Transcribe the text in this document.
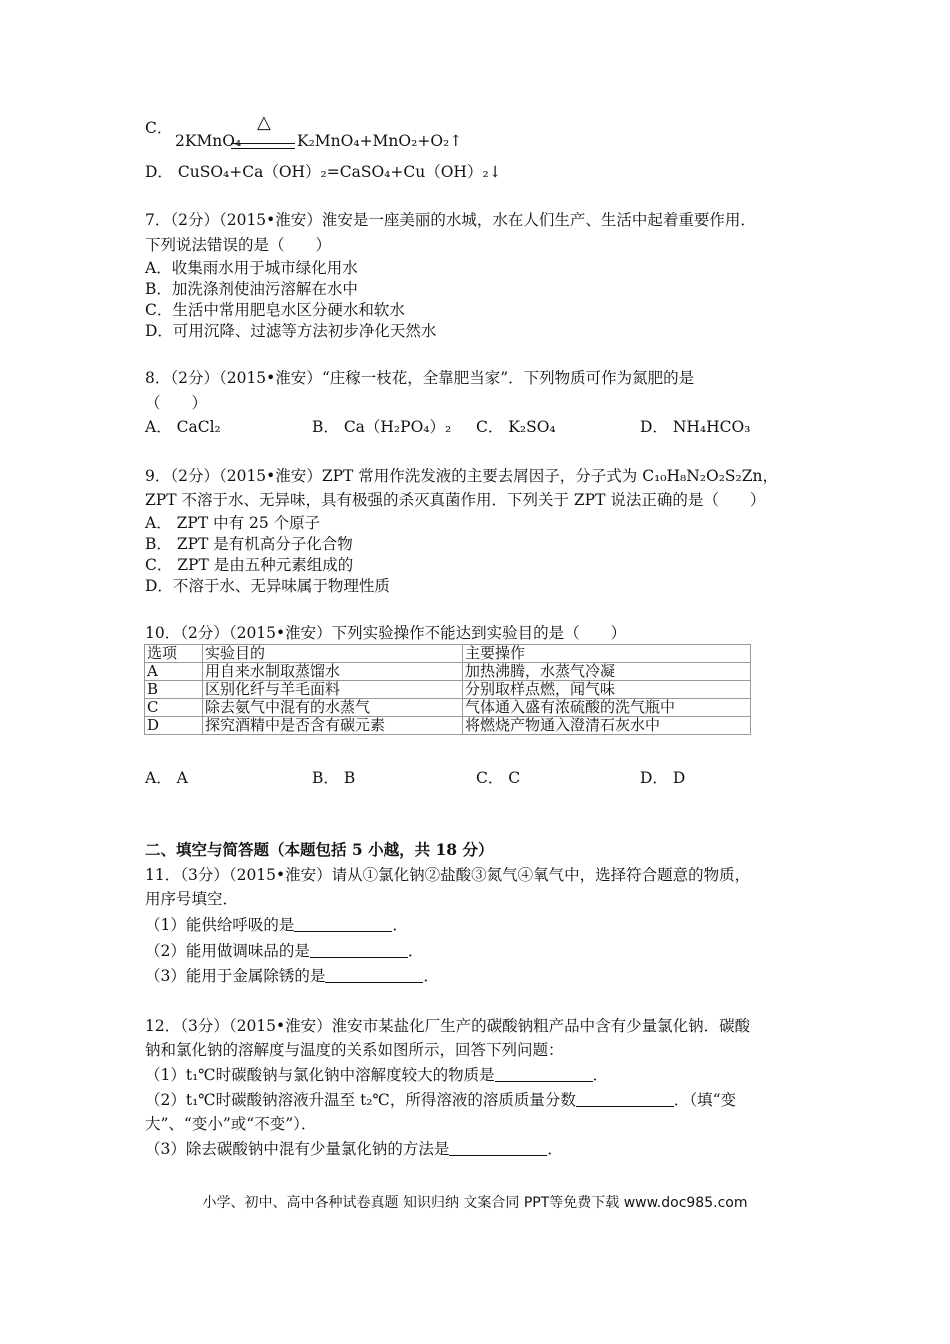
C．	△
2KMnO₄	K₂MnO₄+MnO₂+O₂↑
D． CuSO₄+Ca（OH）₂=CaSO₄+Cu（OH）₂↓
7．（2分）（2015•淮安）淮安是一座美丽的水城，水在人们生产、生活中起着重要作用．
下列说法错误的是（　　）
A．收集雨水用于城市绿化用水
B．加洗涤剂使油污溶解在水中
C．生活中常用肥皂水区分硬水和软水
D．可用沉降、过滤等方法初步净化天然水
8．（2分）（2015•淮安）“庄稼一枝花，全靠肥当家”．下列物质可作为氮肥的是
（　　）
A． CaCl₂	B． Ca（H₂PO₄）₂ C． K₂SO₄	D． NH₄HCO₃
9．（2分）（2015•淮安）ZPT 常用作洗发液的主要去屑因子，分子式为 C₁₀H₈N₂O₂S₂Zn，
ZPT 不溶于水、无异味，具有极强的杀灭真菌作用．下列关于 ZPT 说法正确的是（　　）
A． ZPT 中有 25 个原子
B． ZPT 是有机高分子化合物
C． ZPT 是由五种元素组成的
D．不溶于水、无异味属于物理性质
10．（2分）（2015•淮安）下列实验操作不能达到实验目的是（　　）
选项	实验目的	主要操作
A	用自来水制取蒸馏水	加热沸腾，水蒸气冷凝
B	区别化纤与羊毛面料	分别取样点燃，闻气味
C	除去氨气中混有的水蒸气	气体通入盛有浓硫酸的洗气瓶中
D	探究酒精中是否含有碳元素	将燃烧产物通入澄清石灰水中
A． A	B． B	C． C	D． D
二、填空与简答题（本题包括 5 小越，共 18 分）
11．（3分）（2015•淮安）请从①氯化钠②盐酸③氮气④氧气中，选择符合题意的物质，
用序号填空．
（1）能供给呼吸的是	．
（2）能用做调味品的是	．
（3）能用于金属除锈的是	．
12．（3分）（2015•淮安）淮安市某盐化厂生产的碳酸钠粗产品中含有少量氯化钠．碳酸
钠和氯化钠的溶解度与温度的关系如图所示，回答下列问题：
（1）t₁℃时碳酸钠与氯化钠中溶解度较大的物质是	．
（2）t₁℃时碳酸钠溶液升温至 t₂℃，所得溶液的溶质质量分数	．（填“变
大”、“变小”或“不变”）．
（3）除去碳酸钠中混有少量氯化钠的方法是	．
小学、初中、高中各种试卷真题 知识归纳 文案合同 PPT等免费下载 www.doc985.com
